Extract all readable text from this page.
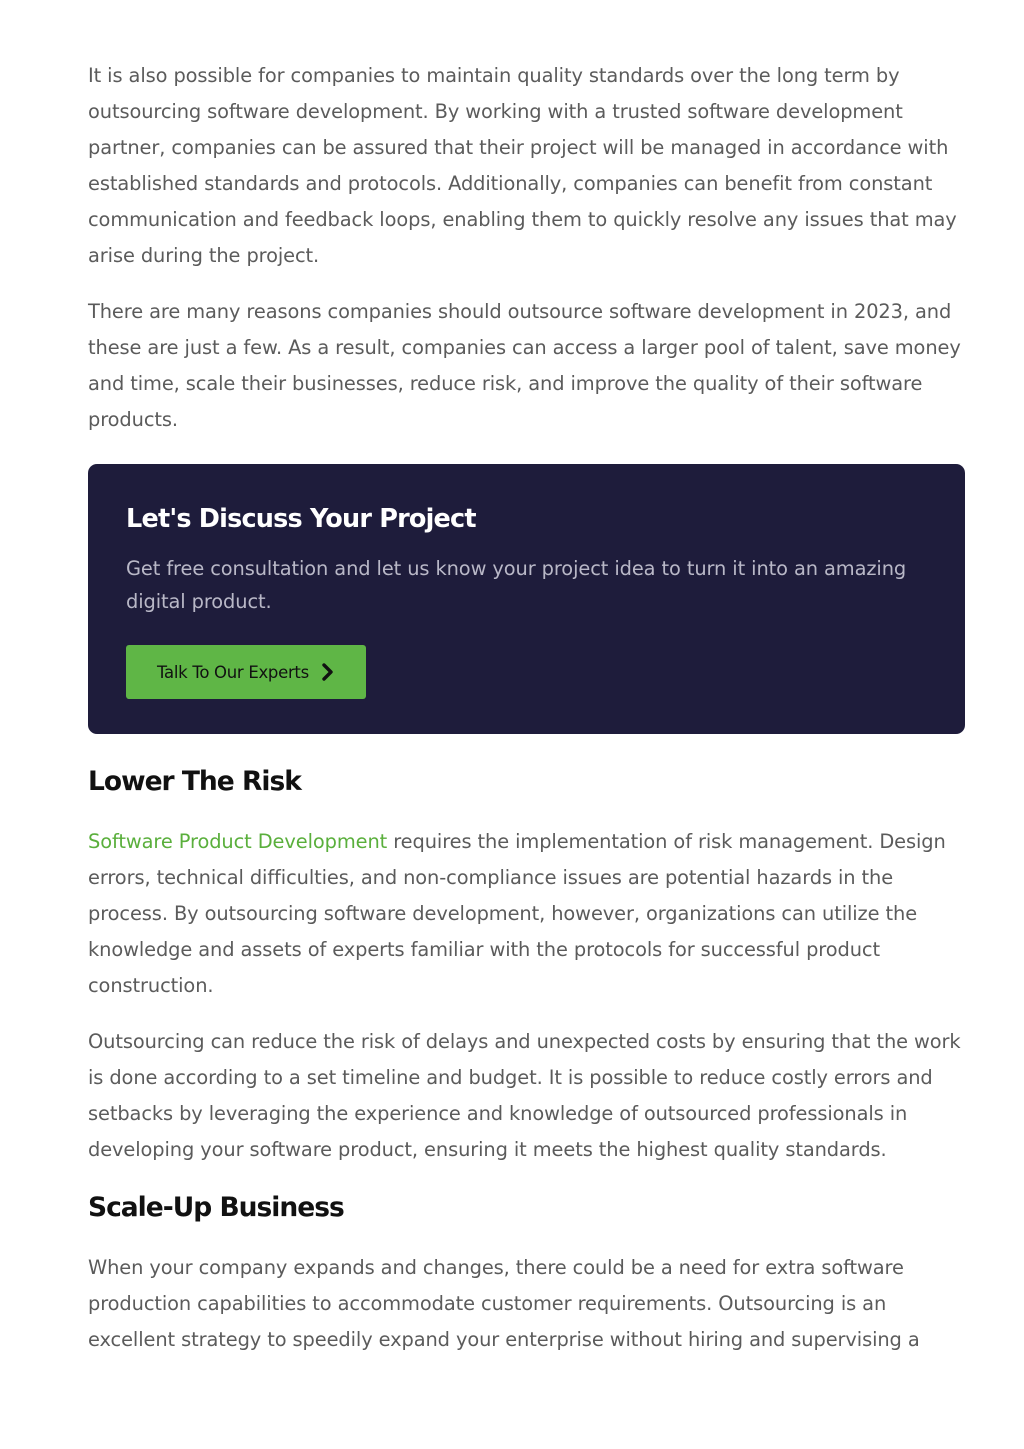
It is also possible for companies to maintain quality standards over the long term by outsourcing software development. By working with a trusted software development partner, companies can be assured that their project will be managed in accordance with established standards and protocols. Additionally, companies can benefit from constant communication and feedback loops, enabling them to quickly resolve any issues that may arise during the project.

There are many reasons companies should outsource software development in 2023, and these are just a few. As a result, companies can access a larger pool of talent, save money and time, scale their businesses, reduce risk, and improve the quality of their software products.

Let's Discuss Your Project

Get free consultation and let us know your project idea to turn it into an amazing digital product.

Talk To Our Experts
Lower The Risk

Software Product Development requires the implementation of risk management. Design errors, technical difficulties, and non-compliance issues are potential hazards in the process. By outsourcing software development, however, organizations can utilize the knowledge and assets of experts familiar with the protocols for successful product construction.

Outsourcing can reduce the risk of delays and unexpected costs by ensuring that the work is done according to a set timeline and budget. It is possible to reduce costly errors and setbacks by leveraging the experience and knowledge of outsourced professionals in developing your software product, ensuring it meets the highest quality standards.

Scale-Up Business

When your company expands and changes, there could be a need for extra software production capabilities to accommodate customer requirements. Outsourcing is an excellent strategy to speedily expand your enterprise without hiring and supervising a
